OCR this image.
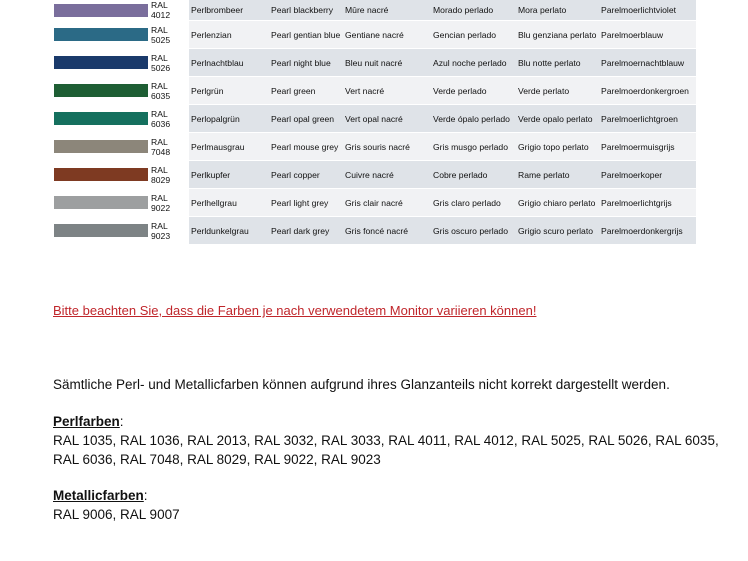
	RAL
4012	Perlbrombeer	Pearl blackberry	Mûre nacré	Morado perlado	Mora perlato	Parelmoerlichtviolet

	RAL
5025	Perlenzian	Pearl gentian blue	Gentiane nacré	Gencian perlado	Blu genziana perlato	Parelmoerblauw

	RAL
5026	Perlnachtblau	Pearl night blue	Bleu nuit nacré	Azul noche perlado	Blu notte perlato	Parelmoernachtblauw

	RAL
6035	Perlgrün	Pearl green	Vert nacré	Verde perlado	Verde perlato	Parelmoerdonkergroen

	RAL
6036	Perlopalgrün	Pearl opal green	Vert opal nacré	Verde ópalo perlado	Verde opalo perlato	Parelmoerlichtgroen

	RAL
7048	Perlmausgrau	Pearl mouse grey	Gris souris nacré	Gris musgo perlado	Grigio topo perlato	Parelmoermuisgrijs

	RAL
8029	Perlkupfer	Pearl copper	Cuivre nacré	Cobre perlado	Rame perlato	Parelmoerkoper

	RAL
9022	Perlhellgrau	Pearl light grey	Gris clair nacré	Gris claro perlado	Grigio chiaro perlato	Parelmoerlichtgrijs

	RAL
9023	Perldunkelgrau	Pearl dark grey	Gris foncé nacré	Gris oscuro perlado	Grigio scuro perlato	Parelmoerdonkergrijs

Bitte beachten Sie, dass die Farben je nach verwendetem Monitor variieren können!

Sämtliche Perl- und Metallicfarben können aufgrund ihres Glanzanteils nicht korrekt dargestellt werden.

Perlfarben:

RAL 1035, RAL 1036, RAL 2013, RAL 3032, RAL 3033, RAL 4011, RAL 4012, RAL 5025, RAL 5026, RAL 6035,

RAL 6036, RAL 7048, RAL 8029, RAL 9022, RAL 9023

Metallicfarben:

RAL 9006, RAL 9007
